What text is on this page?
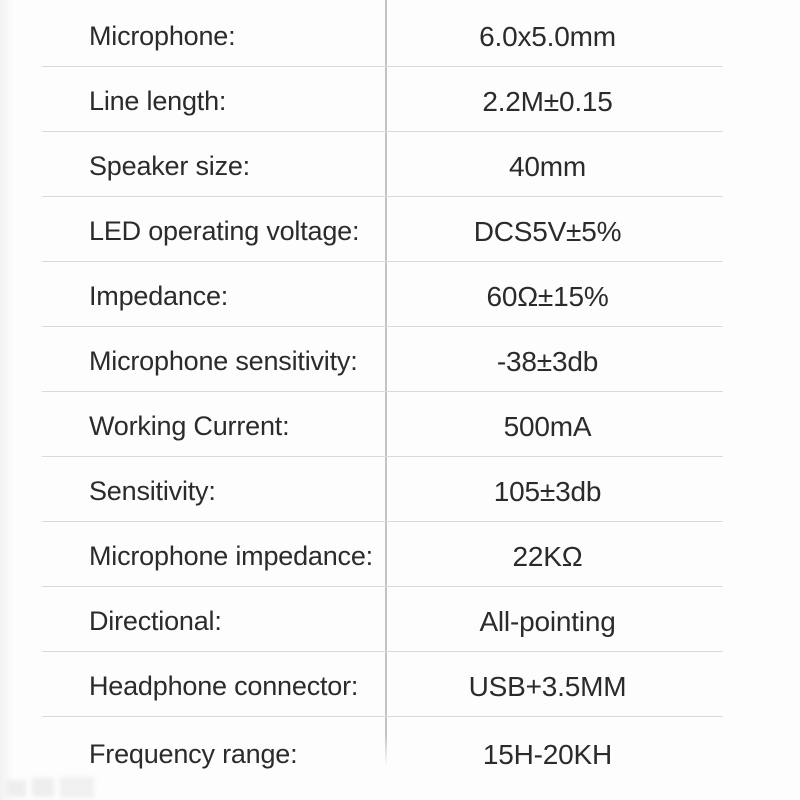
Microphone:	6.0x5.0mm
Line length:	2.2M±0.15
Speaker size:	40mm
LED operating voltage:	DCS5V±5%
Impedance:	60Ω±15%
Microphone sensitivity:	-38±3db
Working Current:	500mA
Sensitivity:	105±3db
Microphone impedance:	22KΩ
Directional:	All-pointing
Headphone connector:	USB+3.5MM
Frequency range:	15H-20KH
